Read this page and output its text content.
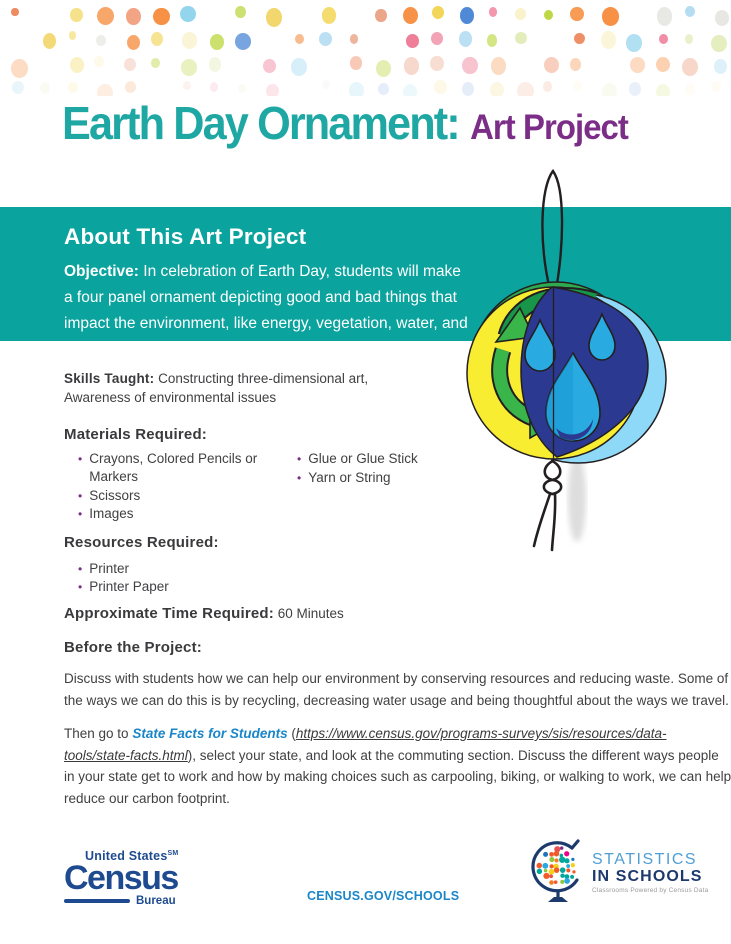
Earth Day Ornament: Art Project
About This Art Project
Objective: In celebration of Earth Day, students will make a four panel ornament depicting good and bad things that impact the environment, like energy, vegetation, water, and pollutants.
Skills Taught: Constructing three-dimensional art, Awareness of environmental issues
Materials Required:
• Crayons, Colored Pencils or Markers
• Scissors
• Images
• Glue or Glue Stick
• Yarn or String
Resources Required:
• Printer
• Printer Paper
Approximate Time Required: 60 Minutes
Before the Project:

Discuss with students how we can help our environment by conserving resources and reducing waste. Some of the ways we can do this is by recycling, decreasing water usage and being thoughtful about the ways we travel.

Then go to State Facts for Students (https://www.census.gov/programs-surveys/sis/resources/data-tools/state-facts.html), select your state, and look at the commuting section. Discuss the different ways people in your state get to work and how by making choices such as carpooling, biking, or walking to work, we can help reduce our carbon footprint.

United States℠
Census
Bureau	CENSUS.GOV/SCHOOLS
STATISTICS
IN SCHOOLS
Classrooms Powered by Census Data
